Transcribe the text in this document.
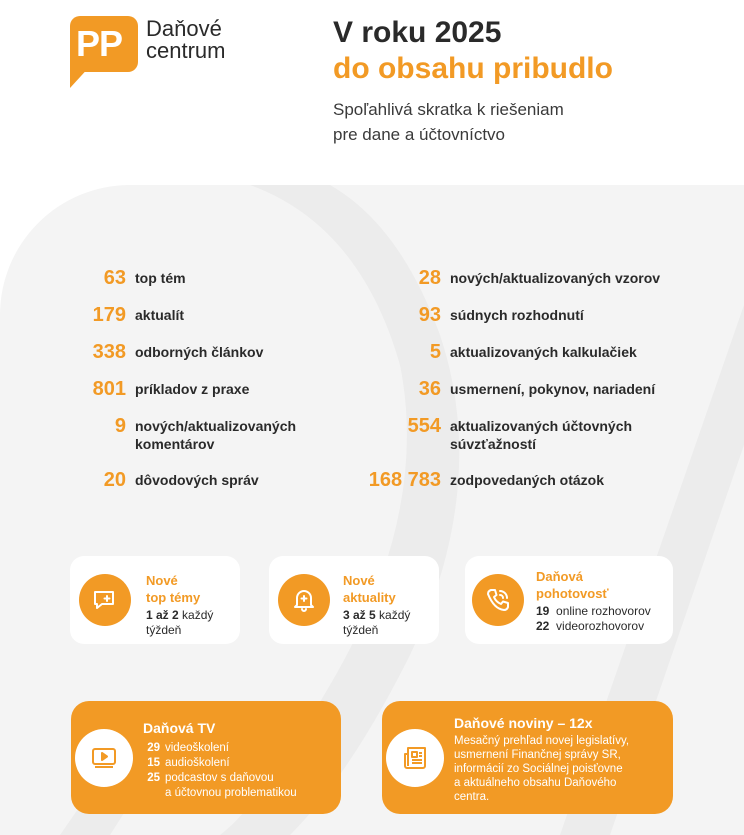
PP Daňové
centrum
V roku 2025
do obsahu pribudlo

Spoľahlivá skratka k riešeniam
pre dane a účtovníctvo

63 top tém
179 aktualít
338 odborných článkov
801 príkladov z praxe
9 nových/aktualizovaných komentárov
20 dôvodových správ
28 nových/aktualizovaných vzorov
93 súdnych rozhodnutí
5 aktualizovaných kalkulačiek
36 usmernení, pokynov, nariadení
554 aktualizovaných účtovných súvzťažností
168 783 zodpovedaných otázok
Nové
top témy
1 až 2 každý
týždeň
Nové
aktuality
3 až 5 každý
týždeň
Daňová
pohotovosť
19 online rozhovorov
22 videorozhovorov
Daňová TV
29 videoškolení
15 audioškolení
25 podcastov s daňovou
a účtovnou problematikou
Daňové noviny – 12x
Mesačný prehľad novej legislatívy,
usmernení Finančnej správy SR,
informácií zo Sociálnej poisťovne
a aktuálneho obsahu Daňového
centra.
